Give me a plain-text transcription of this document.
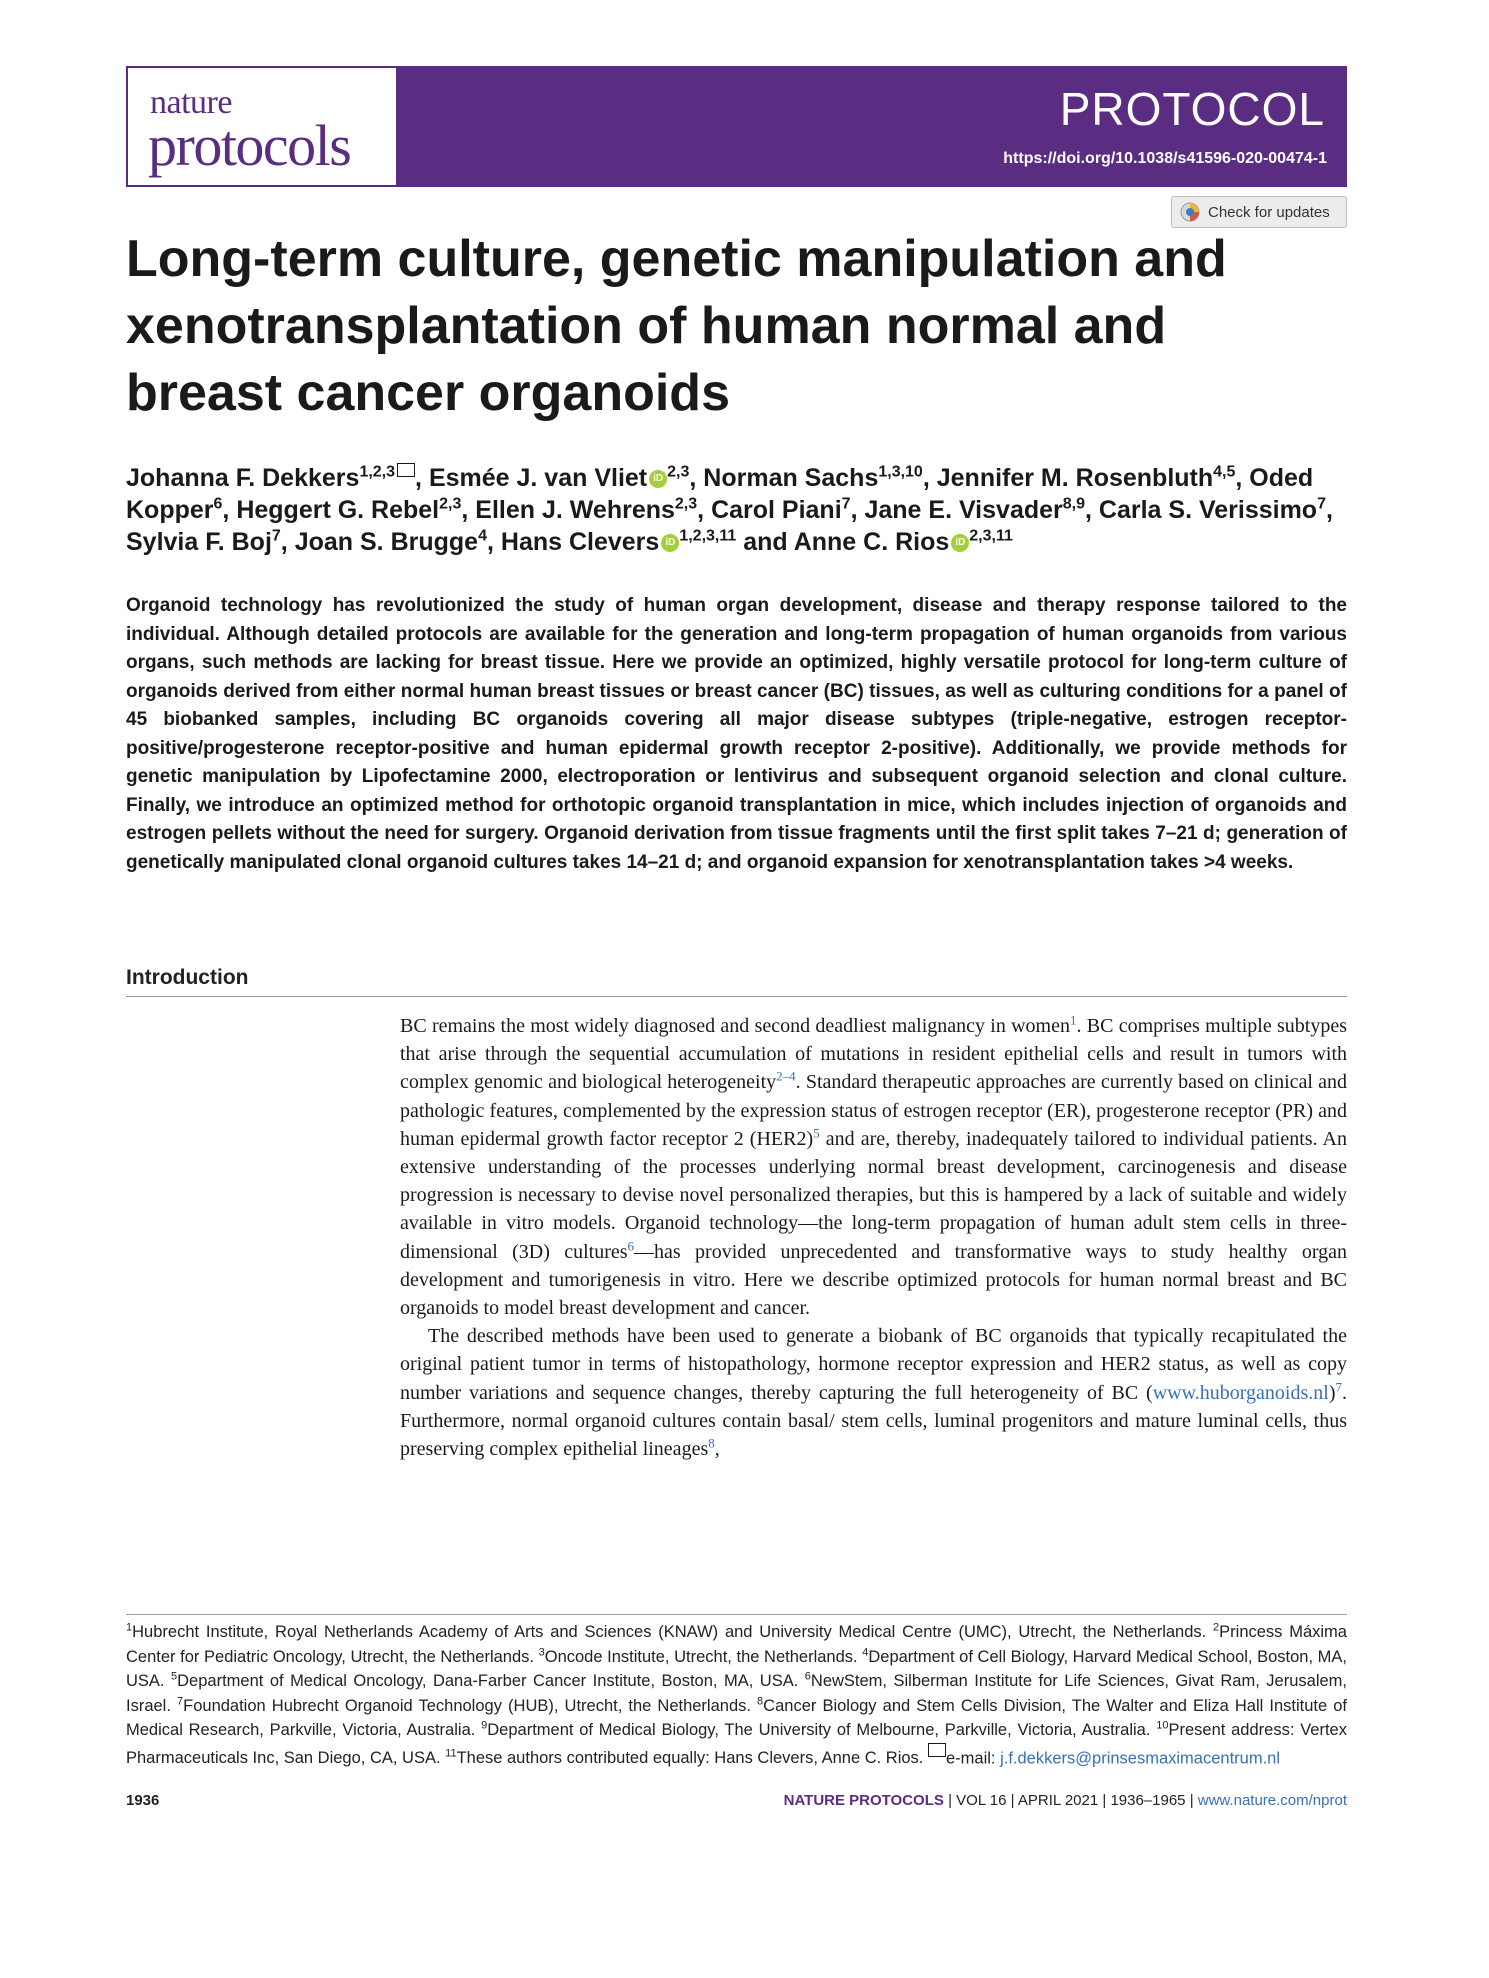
nature
protocols
PROTOCOL
https://doi.org/10.1038/s41596-020-00474-1
Check for updates
Long-term culture, genetic manipulation and xenotransplantation of human normal and breast cancer organoids
Johanna F. Dekkers$^{1,2,3}$ , Esmée J. van Vliet iD $^{2,3}$, Norman Sachs$^{1,3,10}$, Jennifer M. Rosenbluth$^{4,5}$, Oded Kopper$^6$, Heggert G. Rebel$^{2,3}$, Ellen J. Wehrens$^{2,3}$, Carol Piani$^7$, Jane E. Visvader$^{8,9}$, Carla S. Verissimo$^7$, Sylvia F. Boj$^7$, Joan S. Brugge$^4$, Hans Clevers iD $^{1,2,3,11}$ and Anne C. Rios iD $^{2,3,11}$
Organoid technology has revolutionized the study of human organ development, disease and therapy response tailored to the individual. Although detailed protocols are available for the generation and long-term propagation of human organoids from various organs, such methods are lacking for breast tissue. Here we provide an optimized, highly versatile protocol for long-term culture of organoids derived from either normal human breast tissues or breast cancer (BC) tissues, as well as culturing conditions for a panel of 45 biobanked samples, including BC organoids covering all major disease subtypes (triple-negative, estrogen receptor-positive/progesterone receptor-positive and human epidermal growth receptor 2-positive). Additionally, we provide methods for genetic manipulation by Lipofectamine 2000, electroporation or lentivirus and subsequent organoid selection and clonal culture. Finally, we introduce an optimized method for orthotopic organoid transplantation in mice, which includes injection of organoids and estrogen pellets without the need for surgery. Organoid derivation from tissue fragments until the first split takes 7–21 d; generation of genetically manipulated clonal organoid cultures takes 14–21 d; and organoid expansion for xenotransplantation takes >4 weeks.
Introduction

BC remains the most widely diagnosed and second deadliest malignancy in women$^1$. BC comprises multiple subtypes that arise through the sequential accumulation of mutations in resident epithelial cells and result in tumors with complex genomic and biological heterogeneity$^{2-4}$. Standard therapeutic approaches are currently based on clinical and pathologic features, complemented by the expression status of estrogen receptor (ER), progesterone receptor (PR) and human epidermal growth factor receptor 2 $(HER2)^5$ and are, thereby, inadequately tailored to individual patients. An extensive understanding of the processes underlying normal breast development, carcinogenesis and disease progression is necessary to devise novel personalized therapies, but this is hampered by a lack of suitable and widely available in vitro models. Organoid technology—the long-term propagation of human adult stem cells in three-dimensional (3D) cultures$^6$—has provided unprecedented and transformative ways to study healthy organ development and tumorigenesis in vitro. Here we describe optimized protocols for human normal breast and BC organoids to model breast development and cancer.

The described methods have been used to generate a biobank of BC organoids that typically recapitulated the original patient tumor in terms of histopathology, hormone receptor expression and HER2 status, as well as copy number variations and sequence changes, thereby capturing the full heterogeneity of BC (www.huborganoids.nl)$^7$. Furthermore, normal organoid cultures contain basal/ stem cells, luminal progenitors and mature luminal cells, thus preserving complex epithelial lineages$^8$,

$^1$Hubrecht Institute, Royal Netherlands Academy of Arts and Sciences (KNAW) and University Medical Centre (UMC), Utrecht, the Netherlands. $^2$Princess Máxima Center for Pediatric Oncology, Utrecht, the Netherlands. $^3$Oncode Institute, Utrecht, the Netherlands. $^4$Department of Cell Biology, Harvard Medical School, Boston, MA, USA. $^5$Department of Medical Oncology, Dana-Farber Cancer Institute, Boston, MA, USA. $^6$NewStem, Silberman Institute for Life Sciences, Givat Ram, Jerusalem, Israel. $^7$Foundation Hubrecht Organoid Technology (HUB), Utrecht, the Netherlands. $^8$Cancer Biology and Stem Cells Division, The Walter and Eliza Hall Institute of Medical Research, Parkville, Victoria, Australia. $^9$Department of Medical Biology, The University of Melbourne, Parkville, Victoria, Australia. $^{10}$Present address: Vertex Pharmaceuticals Inc, San Diego, CA, USA. $^{11}$These authors contributed equally: Hans Clevers, Anne C. Rios. e-mail: j.f.dekkers@prinsesmaximacentrum.nl
1936	NATURE PROTOCOLS | VOL 16 | APRIL 2021 | 1936–1965 | www.nature.com/nprot
